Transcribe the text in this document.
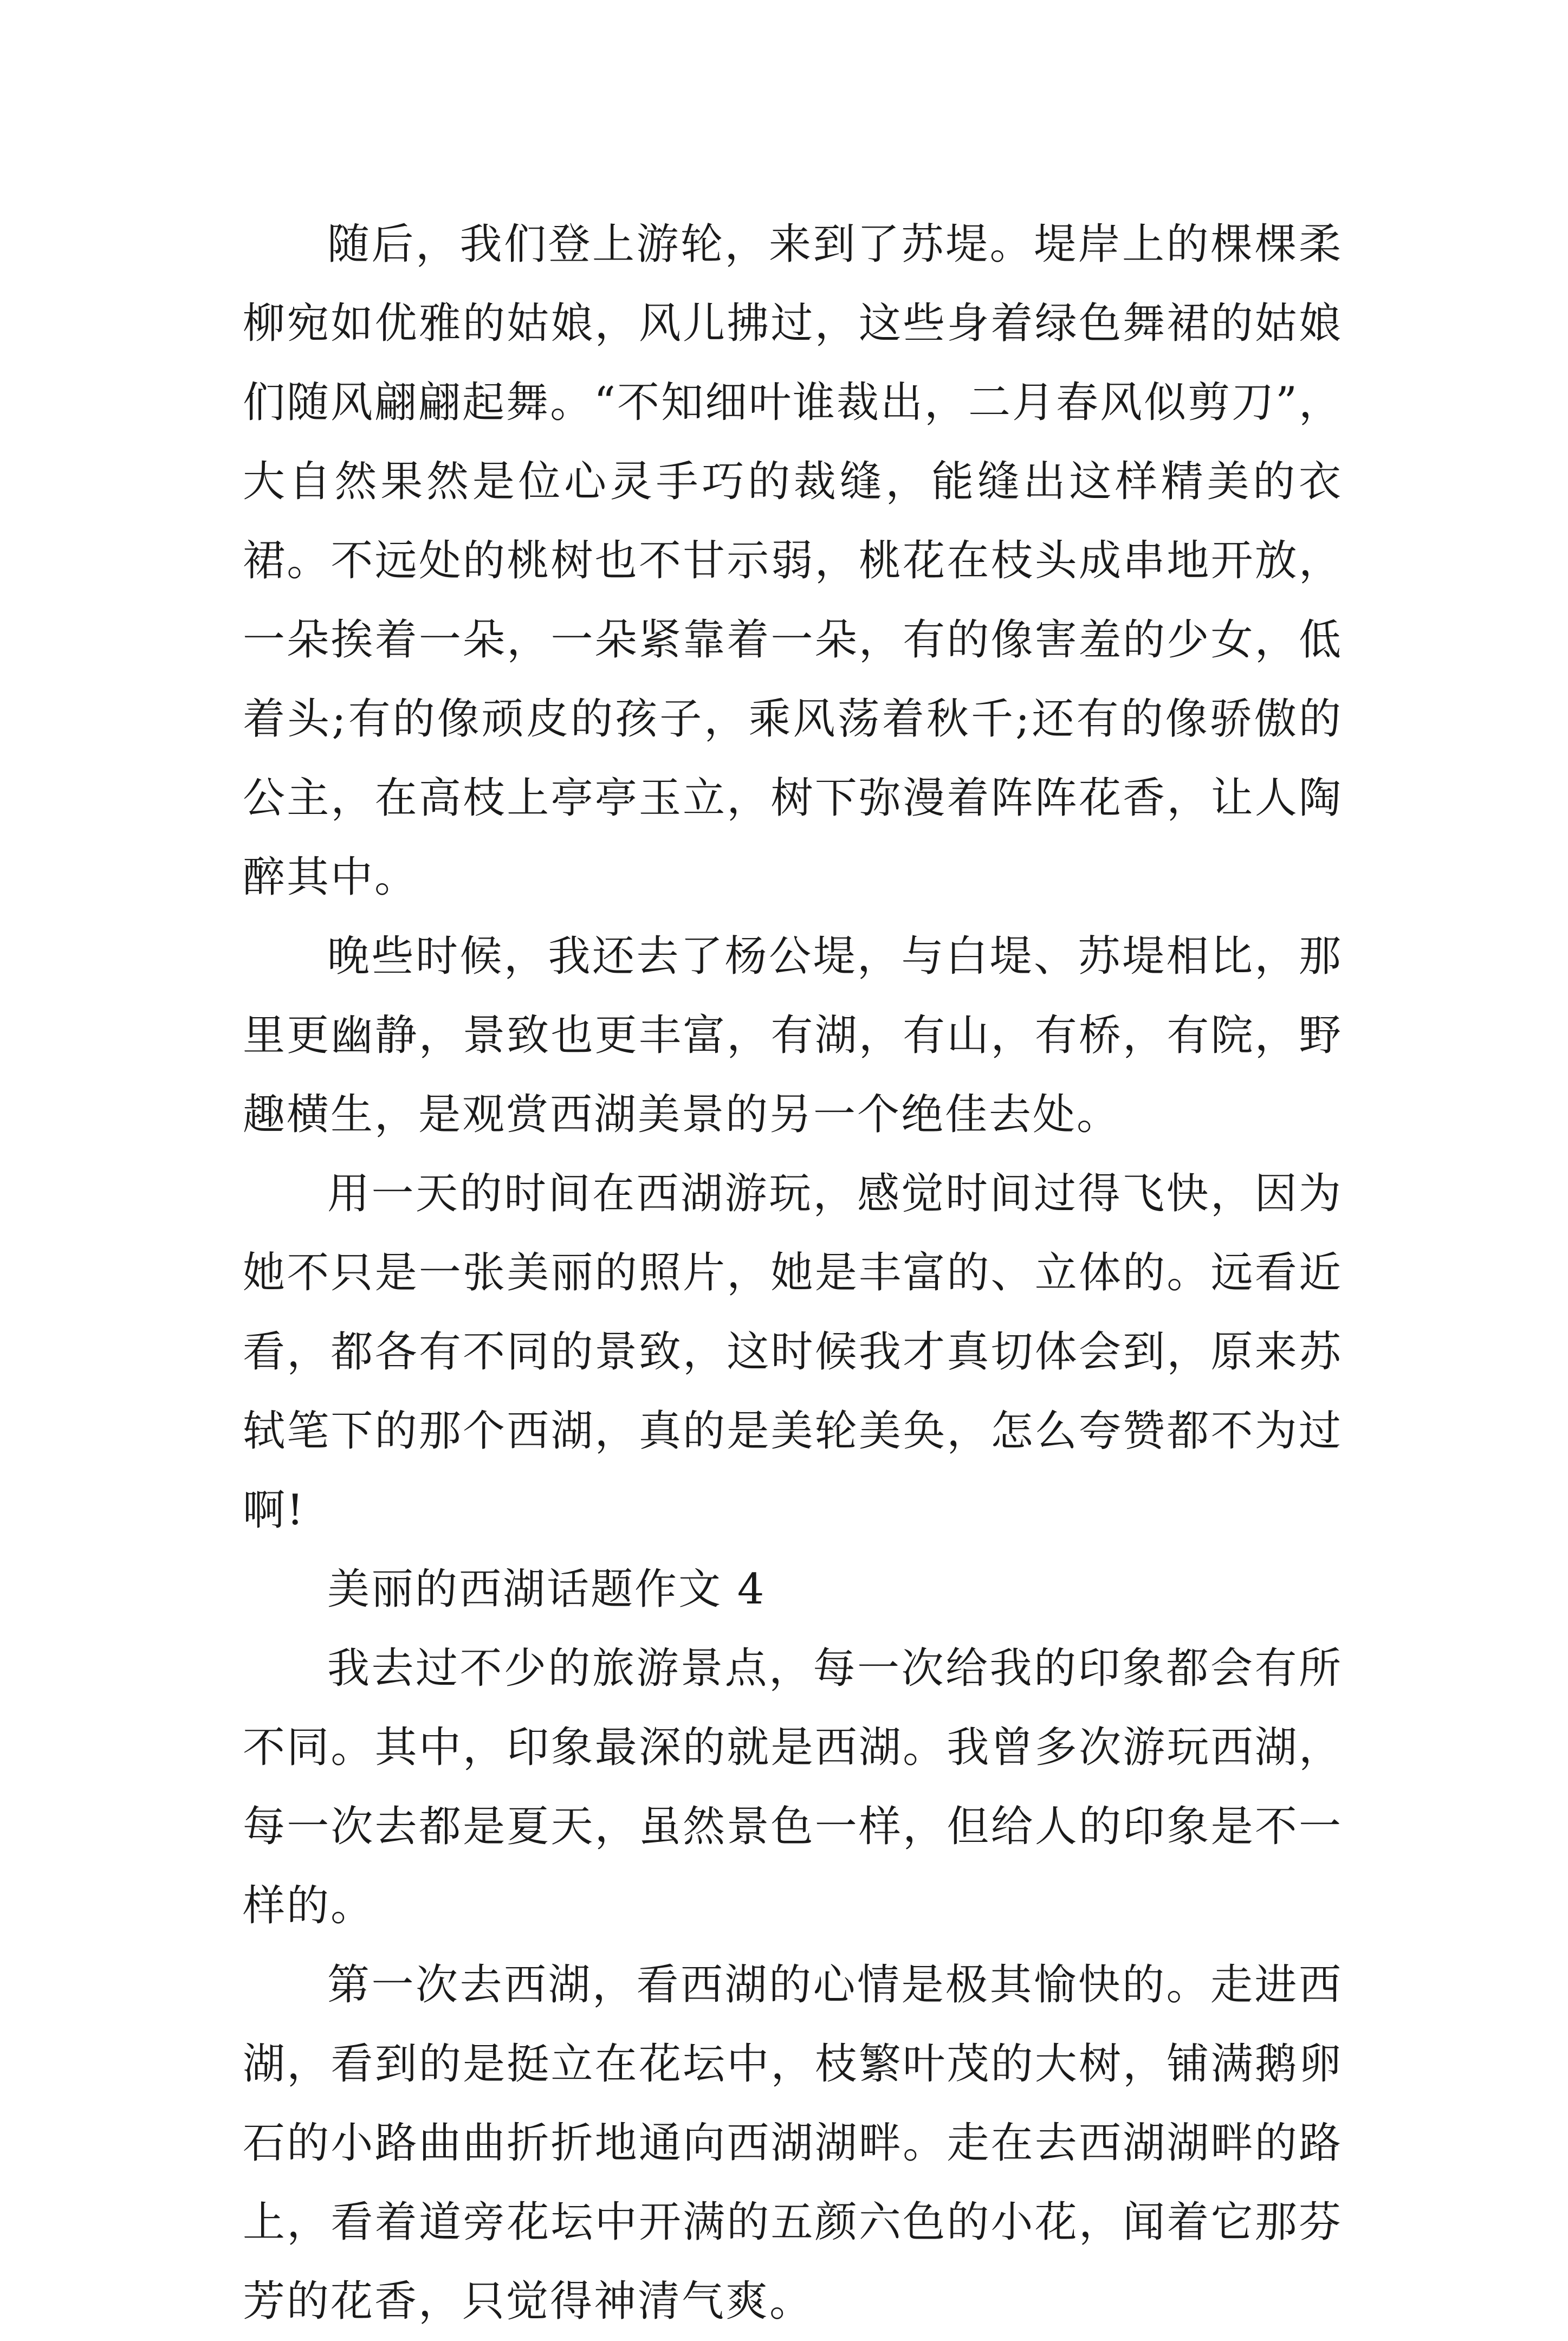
随后，我们登上游轮，来到了苏堤。堤岸上的棵棵柔柳宛如优雅的姑娘，风儿拂过，这些身着绿色舞裙的姑娘们随风翩翩起舞。“不知细叶谁裁出，二月春风似剪刀”，大自然果然是位心灵手巧的裁缝，能缝出这样精美的衣裙。不远处的桃树也不甘示弱，桃花在枝头成串地开放，一朵挨着一朵，一朵紧靠着一朵，有的像害羞的少女，低着头;有的像顽皮的孩子，乘风荡着秋千;还有的像骄傲的公主，在高枝上亭亭玉立，树下弥漫着阵阵花香，让人陶醉其中。

晚些时候，我还去了杨公堤，与白堤、苏堤相比，那里更幽静，景致也更丰富，有湖，有山，有桥，有院，野趣横生，是观赏西湖美景的另一个绝佳去处。

用一天的时间在西湖游玩，感觉时间过得飞快，因为她不只是一张美丽的照片，她是丰富的、立体的。远看近看，都各有不同的景致，这时候我才真切体会到，原来苏轼笔下的那个西湖，真的是美轮美奂，怎么夸赞都不为过啊!

美丽的西湖话题作文 4

我去过不少的旅游景点，每一次给我的印象都会有所不同。其中，印象最深的就是西湖。我曾多次游玩西湖，每一次去都是夏天，虽然景色一样，但给人的印象是不一样的。

第一次去西湖，看西湖的心情是极其愉快的。走进西湖，看到的是挺立在花坛中，枝繁叶茂的大树，铺满鹅卵石的小路曲曲折折地通向西湖湖畔。走在去西湖湖畔的路上，看着道旁花坛中开满的五颜六色的小花，闻着它那芬芳的花香，只觉得神清气爽。
